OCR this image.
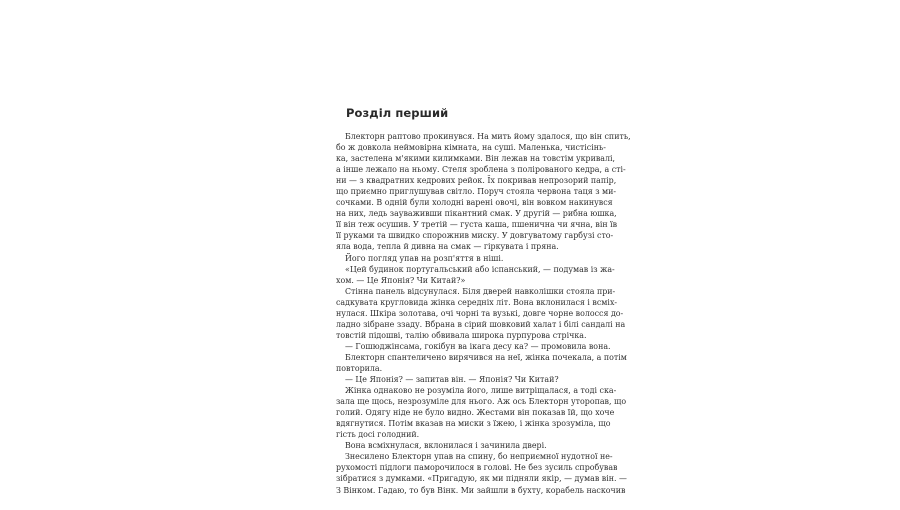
Розділ перший
Блекторн раптово прокинувся. На мить йому здалося, що він спить,
бо ж довкола неймовірна кімната, на суші. Маленька, чистісінь-
ка, застелена м'якими килимками. Він лежав на товстім укривалі,
а інше лежало на ньому. Стеля зроблена з полірованого кедра, а сті-
ни — з квадратних кедрових рейок. Їх покривав непрозорий папір,
що приємно приглушував світло. Поруч стояла червона таця з ми-
сочками. В одній були холодні варені овочі, він вовком накинувся
на них, ледь зауваживши пікантний смак. У другій — рибна юшка,
її він теж осушив. У третій — густа каша, пшенична чи ячна, він їв
її руками та швидко спорожнив миску. У довгуватому гарбузі сто-
яла вода, тепла й дивна на смак — гіркувата і пряна.
Його погляд упав на розп'яття в ніші.
«Цей будинок португальський або іспанський, — подумав із жа-
хом. — Це Японія? Чи Китай?»
Стінна панель відсунулася. Біля дверей навколішки стояла при-
садкувата кругловида жінка середніх літ. Вона вклонилася і всміх-
нулася. Шкіра золотава, очі чорні та вузькі, довге чорне волосся до-
ладно зібране ззаду. Вбрана в сірий шовковий халат і білі сандалі на
товстій підошві, талію обвивала широка пурпурова стрічка.
— Гошюджінсама, гокібун ва ікага десу ка? — промовила вона.
Блекторн спантеличено вирячився на неї, жінка почекала, а потім
повторила.
— Це Японія? — запитав він. — Японія? Чи Китай?
Жінка однаково не розуміла його, лише витріщалася, а тоді ска-
зала ще щось, незрозуміле для нього. Аж ось Блекторн уторопав, що
голий. Одягу ніде не було видно. Жестами він показав їй, що хоче
вдягнутися. Потім вказав на миски з їжею, і жінка зрозуміла, що
гість досі голодний.
Вона всміхнулася, вклонилася і зачинила двері.
Знесилено Блекторн упав на спину, бо неприємної нудотної не-
рухомості підлоги паморочилося в голові. Не без зусиль спробував
зібратися з думками. «Пригадую, як ми підняли якір, — думав він. —
З Вінком. Гадаю, то був Вінк. Ми зайшли в бухту, корабель наскочив
